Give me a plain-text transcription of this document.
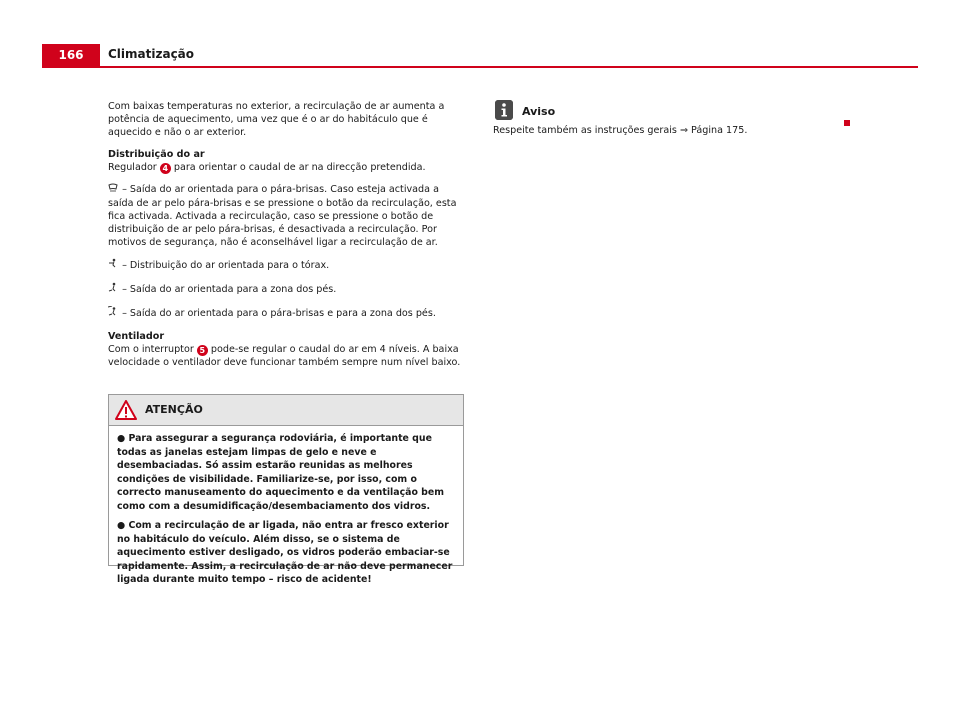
166	Climatização

Com baixas temperaturas no exterior, a recirculação de ar aumenta a potência de aquecimento, uma vez que é o ar do habitáculo que é aquecido e não o ar exterior.

Distribuição do ar

Regulador 4 para orientar o caudal de ar na direcção pretendida.

– Saída do ar orientada para o pára-brisas. Caso esteja activada a saída de ar pelo pára-brisas e se pressione o botão da recirculação, esta fica activada. Activada a recirculação, caso se pressione o botão de distribuição de ar pelo pára-brisas, é desactivada a recirculação. Por motivos de segurança, não é aconselhável ligar a recirculação de ar.

– Distribuição do ar orientada para o tórax.

– Saída do ar orientada para a zona dos pés.

– Saída do ar orientada para o pára-brisas e para a zona dos pés.

Ventilador

Com o interruptor 5 pode-se regular o caudal do ar em 4 níveis. A baixa velocidade o ventilador deve funcionar também sempre num nível baixo.

ATENÇÃO
● Para assegurar a segurança rodoviária, é importante que todas as janelas estejam limpas de gelo e neve e desembaciadas. Só assim estarão reunidas as melhores condições de visibilidade. Familiarize-se, por isso, com o correcto manuseamento do aquecimento e da ventilação bem como com a desumidificação/desembaciamento dos vidros.
● Com a recirculação de ar ligada, não entra ar fresco exterior no habitáculo do veículo. Além disso, se o sistema de aquecimento estiver desligado, os vidros poderão embaciar-se rapidamente. Assim, a recirculação de ar não deve permanecer ligada durante muito tempo – risco de acidente!
Aviso

Respeite também as instruções gerais ⇒ Página 175.
